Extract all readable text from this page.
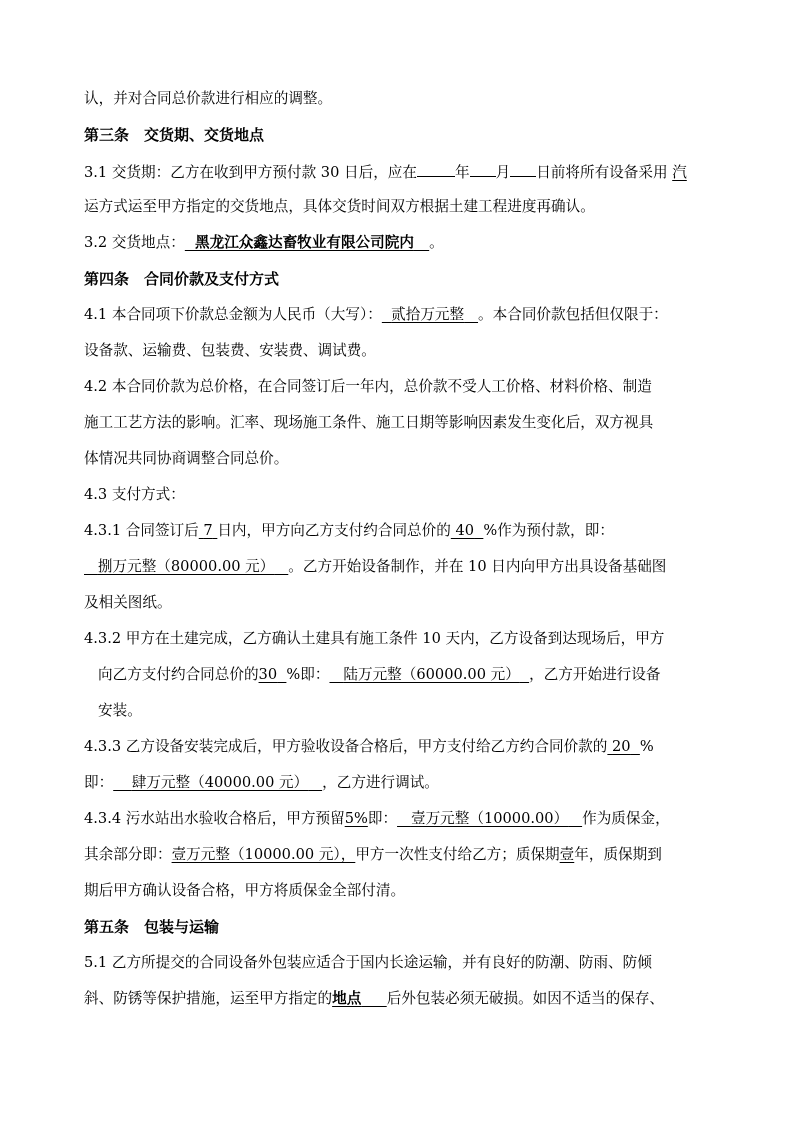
认，并对合同总价款进行相应的调整。
第三条　交货期、交货地点
3.1 交货期：乙方在收到甲方预付款 30 日后，应在	年 月 日前将所有设备采用 汽
运方式运至甲方指定的交货地点，具体交货时间双方根据土建工程进度再确认。
3.2 交货地点： 黑龙江众鑫达畜牧业有限公司院内 。
第四条　合同价款及支付方式
4.1 本合同项下价款总金额为人民币（大写）： 贰拾万元整 。本合同价款包括但仅限于：
设备款、运输费、包装费、安装费、调试费。
4.2 本合同价款为总价格，在合同签订后一年内，总价款不受人工价格、材料价格、制造
施工工艺方法的影响。汇率、现场施工条件、施工日期等影响因素发生变化后，双方视具
体情况共同协商调整合同总价。
4.3 支付方式：
4.3.1 合同签订后 7 日内，甲方向乙方支付约合同总价的 40 %作为预付款，即：
捌万元整（80000.00 元） 。乙方开始设备制作，并在 10 日内向甲方出具设备基础图
及相关图纸。
4.3.2 甲方在土建完成，乙方确认土建具有施工条件 10 天内，乙方设备到达现场后，甲方
向乙方支付约合同总价的30 %即： 陆万元整（60000.00 元） ，乙方开始进行设备
安装。
4.3.3 乙方设备安装完成后，甲方验收设备合格后，甲方支付给乙方约合同价款的 20 %
即： 肆万元整（40000.00 元） ，乙方进行调试。
4.3.4 污水站出水验收合格后，甲方预留5%即： 壹万元整（10000.00） 作为质保金，
其余部分即：壹万元整（10000.00 元），甲方一次性支付给乙方；质保期壹年，质保期到
期后甲方确认设备合格，甲方将质保金全部付清。
第五条　包装与运输
5.1 乙方所提交的合同设备外包装应适合于国内长途运输，并有良好的防潮、防雨、防倾
斜、防锈等保护措施，运至甲方指定的地点 后外包装必须无破损。如因不适当的保存、
